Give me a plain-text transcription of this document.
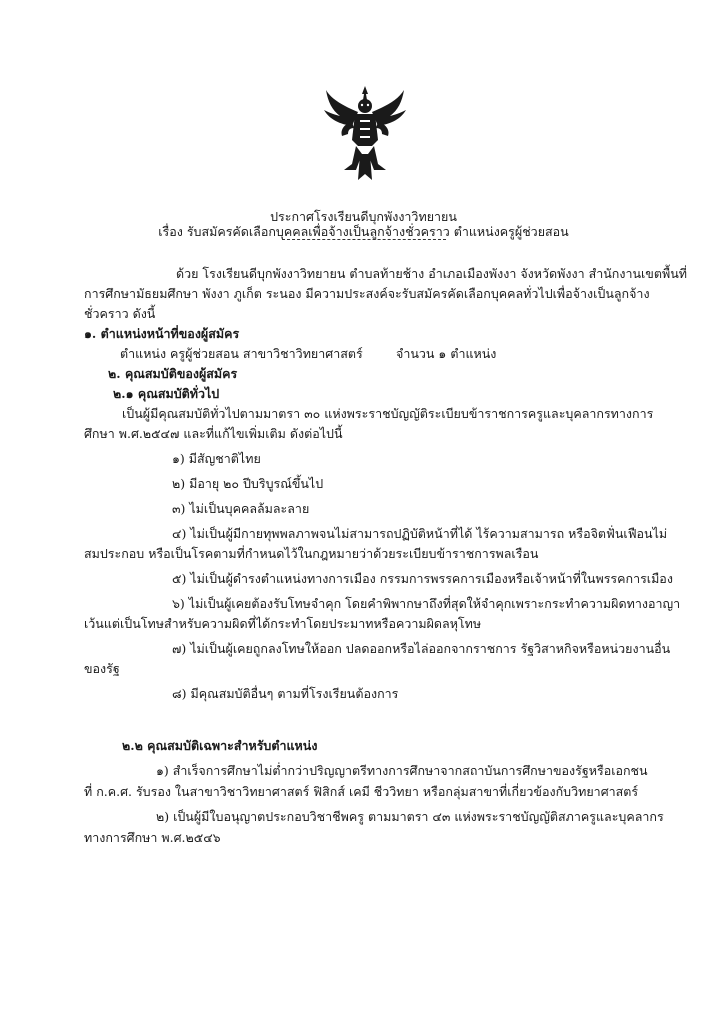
ประกาศโรงเรียนดีบุกพังงาวิทยายน
เรื่อง รับสมัครคัดเลือกบุคคลเพื่อจ้างเป็นลูกจ้างชั่วคราว ตำแหน่งครูผู้ช่วยสอน
ด้วย โรงเรียนดีบุกพังงาวิทยายน ตำบลท้ายช้าง อำเภอเมืองพังงา จังหวัดพังงา สำนักงานเขตพื้นที่
การศึกษามัธยมศึกษา พังงา ภูเก็ต ระนอง มีความประสงค์จะรับสมัครคัดเลือกบุคคลทั่วไปเพื่อจ้างเป็นลูกจ้าง
ชั่วคราว ดังนี้
๑. ตำแหน่งหน้าที่ของผู้สมัคร
ตำแหน่ง ครูผู้ช่วยสอน สาขาวิชาวิทยาศาสตร์	จำนวน ๑ ตำแหน่ง
๒. คุณสมบัติของผู้สมัคร
๒.๑ คุณสมบัติทั่วไป
เป็นผู้มีคุณสมบัติทั่วไปตามมาตรา ๓๐ แห่งพระราชบัญญัติระเบียบข้าราชการครูและบุคลากรทางการ
ศึกษา พ.ศ.๒๕๔๗ และที่แก้ไขเพิ่มเติม ดังต่อไปนี้
๑) มีสัญชาติไทย
๒) มีอายุ ๒๐ ปีบริบูรณ์ขึ้นไป
๓) ไม่เป็นบุคคลล้มละลาย
๔) ไม่เป็นผู้มีกายทุพพลภาพจนไม่สามารถปฏิบัติหน้าที่ได้ ไร้ความสามารถ หรือจิตฟั่นเฟือนไม่
สมประกอบ หรือเป็นโรคตามที่กำหนดไว้ในกฎหมายว่าด้วยระเบียบข้าราชการพลเรือน
๕) ไม่เป็นผู้ดำรงตำแหน่งทางการเมือง กรรมการพรรคการเมืองหรือเจ้าหน้าที่ในพรรคการเมือง
๖) ไม่เป็นผู้เคยต้องรับโทษจำคุก โดยคำพิพากษาถึงที่สุดให้จำคุกเพราะกระทำความผิดทางอาญา
เว้นแต่เป็นโทษสำหรับความผิดที่ได้กระทำโดยประมาทหรือความผิดลหุโทษ
๗) ไม่เป็นผู้เคยถูกลงโทษให้ออก ปลดออกหรือไล่ออกจากราชการ รัฐวิสาหกิจหรือหน่วยงานอื่น
ของรัฐ
๘) มีคุณสมบัติอื่นๆ ตามที่โรงเรียนต้องการ
๒.๒ คุณสมบัติเฉพาะสำหรับตำแหน่ง
๑) สำเร็จการศึกษาไม่ต่ำกว่าปริญญาตรีทางการศึกษาจากสถาบันการศึกษาของรัฐหรือเอกชน
ที่ ก.ค.ศ. รับรอง ในสาขาวิชาวิทยาศาสตร์ ฟิสิกส์ เคมี ชีววิทยา หรือกลุ่มสาขาที่เกี่ยวข้องกับวิทยาศาสตร์
๒) เป็นผู้มีใบอนุญาตประกอบวิชาชีพครู ตามมาตรา ๔๓ แห่งพระราชบัญญัติสภาครูและบุคลากร
ทางการศึกษา พ.ศ.๒๕๔๖
